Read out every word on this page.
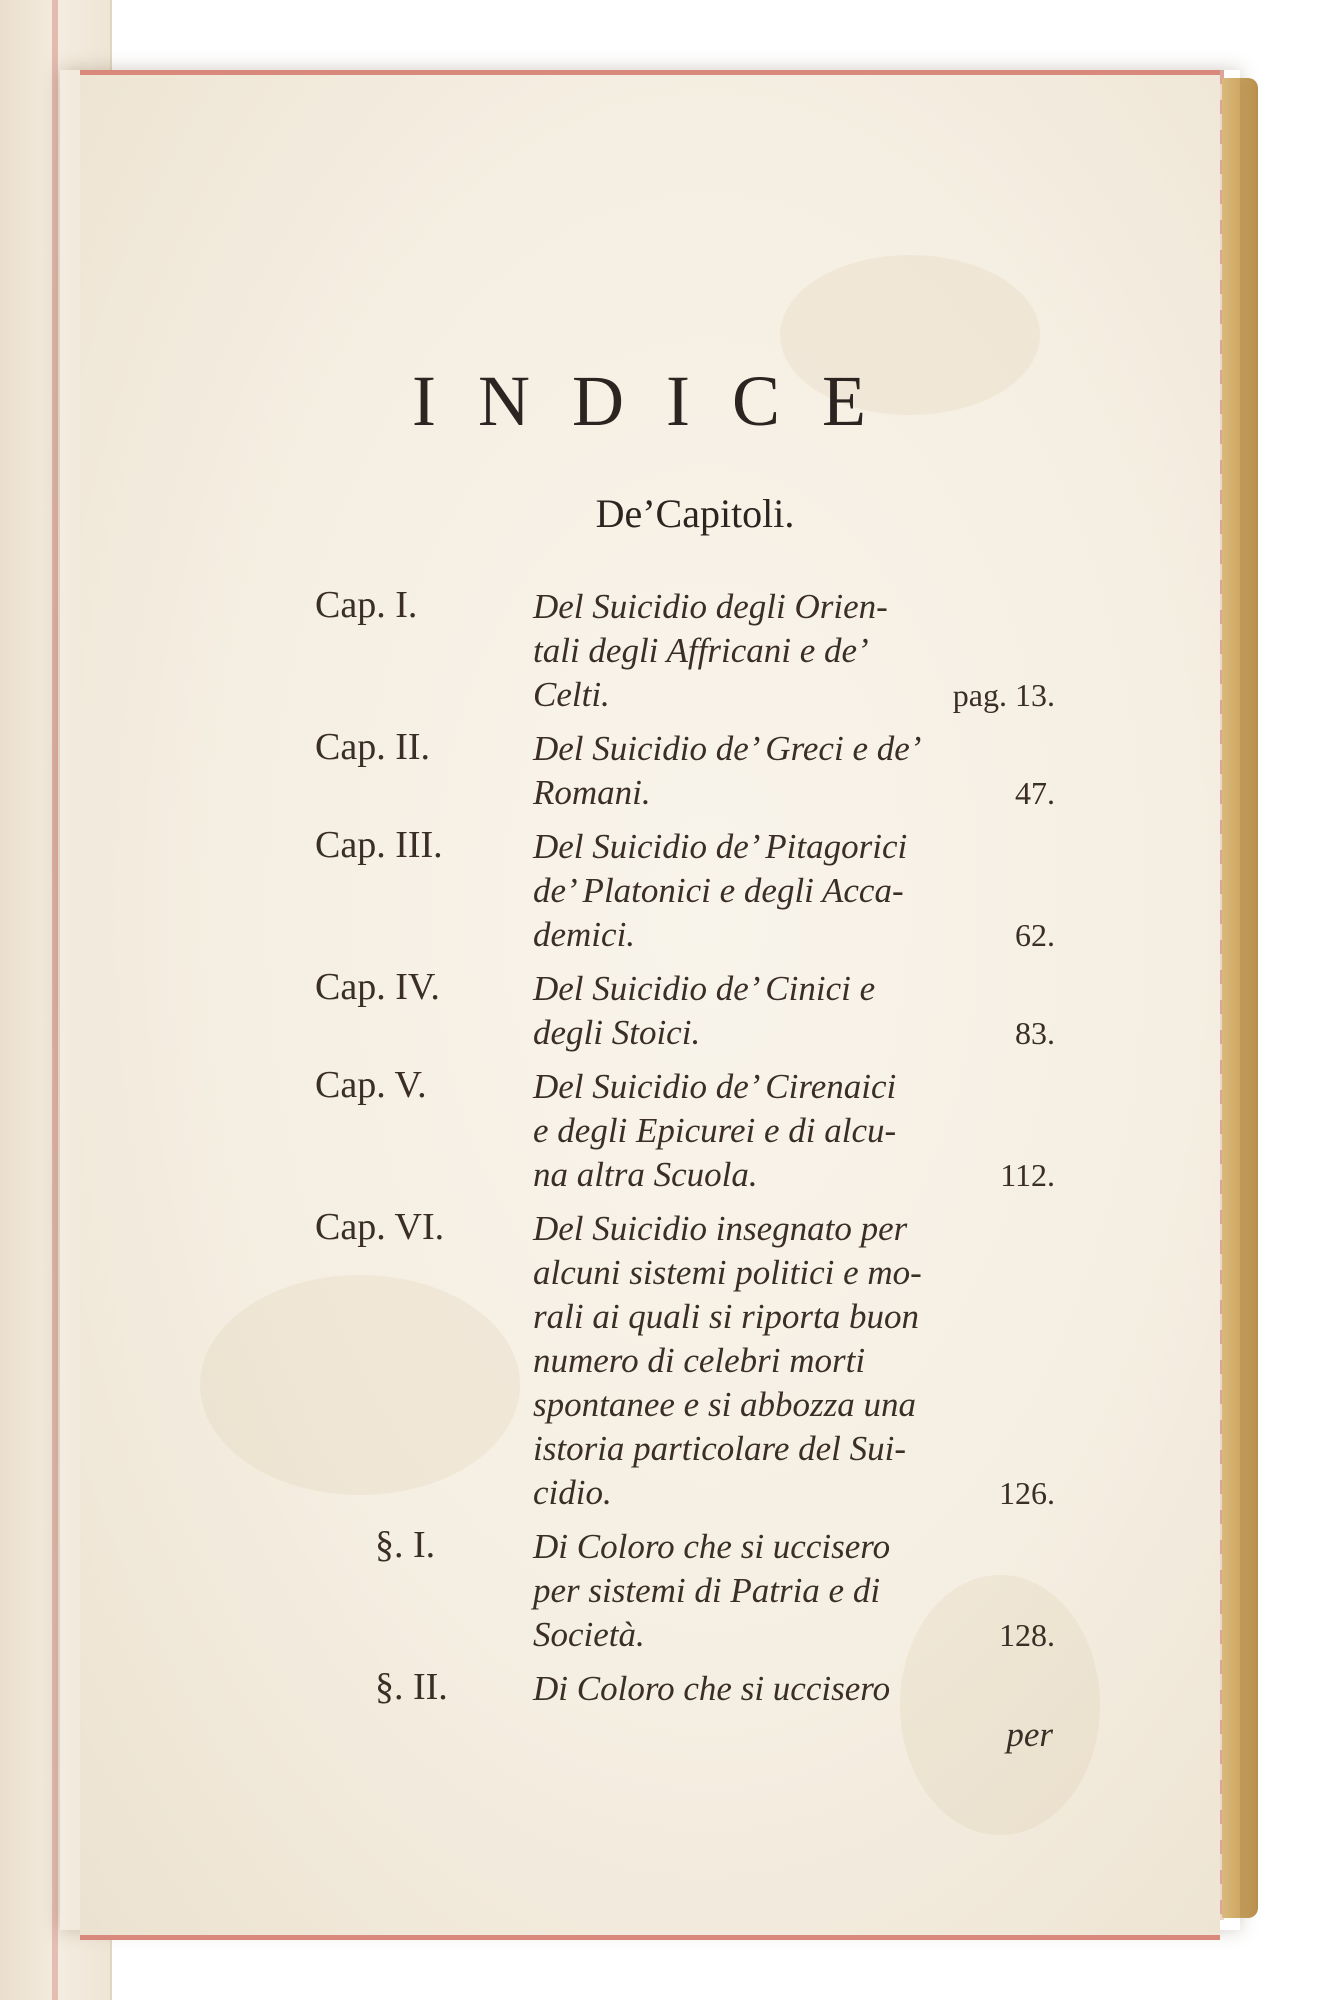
INDICE
De’Capitoli.
Cap. I.	Del Suicidio degli Orien-
tali degli Affricani e de’
Celti.	pag. 13.
Cap. II.	Del Suicidio de’ Greci e de’
Romani.	47.
Cap. III.	Del Suicidio de’ Pitagorici
de’ Platonici e degli Acca-
demici.	62.
Cap. IV.	Del Suicidio de’ Cinici e
degli Stoici.	83.
Cap. V.	Del Suicidio de’ Cirenaici
e degli Epicurei e di alcu-
na altra Scuola.	112.
Cap. VI.	Del Suicidio insegnato per
alcuni sistemi politici e mo-
rali ai quali si riporta buon
numero di celebri morti
spontanee e si abbozza una
istoria particolare del Sui-
cidio.	126.
§. I.	Di Coloro che si uccisero
per sistemi di Patria e di
Società.	128.
§. II. Di Coloro che si uccisero
per
